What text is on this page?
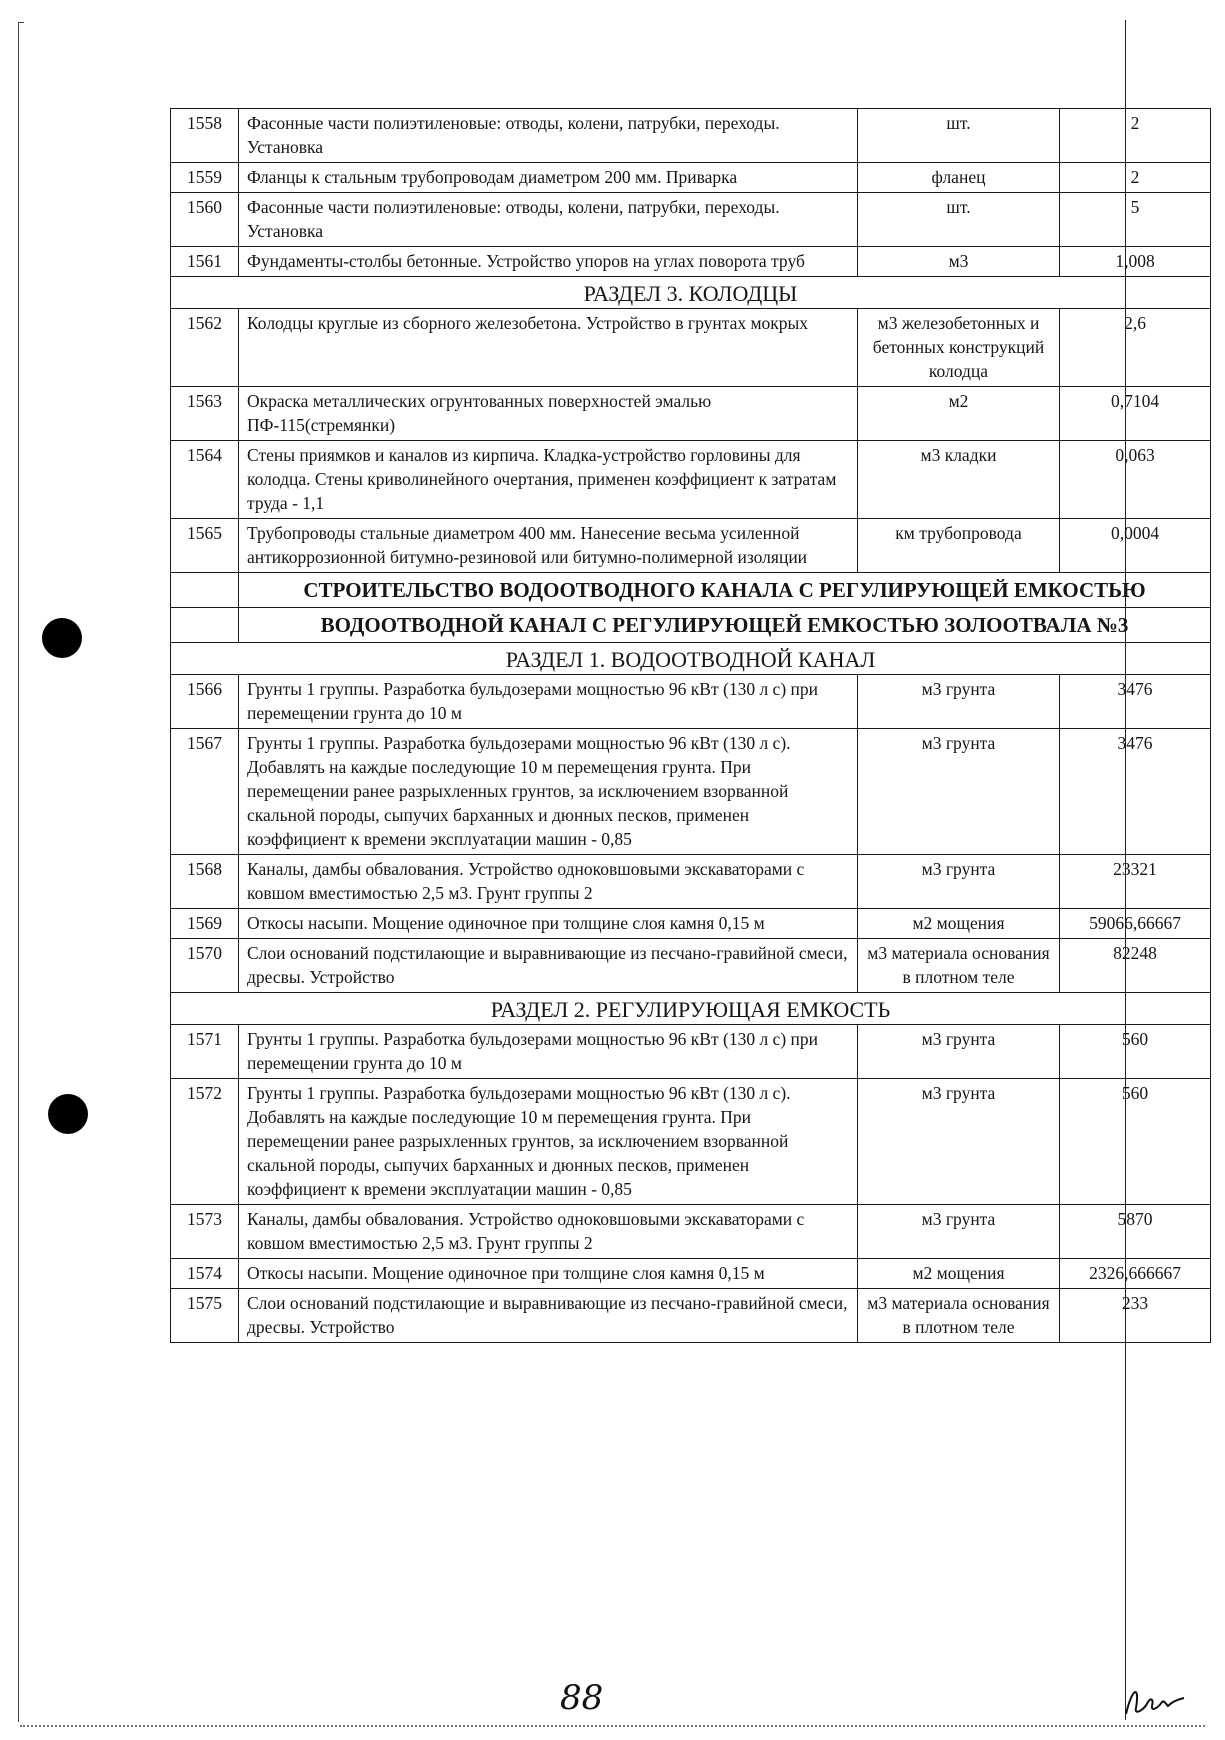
1558	Фасонные части полиэтиленовые: отводы, колени, патрубки, переходы. Установка	шт.	2
1559	Фланцы к стальным трубопроводам диаметром 200 мм. Приварка	фланец	2
1560	Фасонные части полиэтиленовые: отводы, колени, патрубки, переходы. Установка	шт.	5
1561	Фундаменты-столбы бетонные. Устройство упоров на углах поворота труб	м3	1,008
РАЗДЕЛ 3. КОЛОДЦЫ			
1562	Колодцы круглые из сборного железобетона. Устройство в грунтах мокрых	м3 железобетонных и бетонных конструкций колодца	2,6
1563	Окраска металлических огрунтованных поверхностей эмалью ПФ-115(стремянки)	м2	0,7104
1564	Стены приямков и каналов из кирпича. Кладка-устройство горловины для колодца. Стены криволинейного очертания, применен коэффициент к затратам труда - 1,1	м3 кладки	0,063
1565	Трубопроводы стальные диаметром 400 мм. Нанесение весьма усиленной антикоррозионной битумно-резиновой или битумно-полимерной изоляции	км трубопровода	0,0004
	СТРОИТЕЛЬСТВО ВОДООТВОДНОГО КАНАЛА С РЕГУЛИРУЮЩЕЙ ЕМКОСТЬЮ		
	ВОДООТВОДНОЙ КАНАЛ С РЕГУЛИРУЮЩЕЙ ЕМКОСТЬЮ ЗОЛООТВАЛА №3		
РАЗДЕЛ 1. ВОДООТВОДНОЙ КАНАЛ			
1566	Грунты 1 группы. Разработка бульдозерами мощностью 96 кВт (130 л с) при перемещении грунта до 10 м	м3 грунта	3476
1567	Грунты 1 группы. Разработка бульдозерами мощностью 96 кВт (130 л с). Добавлять на каждые последующие 10 м перемещения грунта. При перемещении ранее разрыхленных грунтов, за исключением взорванной скальной породы, сыпучих барханных и дюнных песков, применен коэффициент к времени эксплуатации машин - 0,85	м3 грунта	3476
1568	Каналы, дамбы обвалования. Устройство одноковшовыми экскаваторами с ковшом вместимостью 2,5 м3. Грунт группы 2	м3 грунта	23321
1569	Откосы насыпи. Мощение одиночное при толщине слоя камня 0,15 м	м2 мощения	59066,66667
1570	Слои оснований подстилающие и выравнивающие из песчано-гравийной смеси, дресвы. Устройство	м3 материала основания в плотном теле	82248
РАЗДЕЛ 2. РЕГУЛИРУЮЩАЯ ЕМКОСТЬ			
1571	Грунты 1 группы. Разработка бульдозерами мощностью 96 кВт (130 л с) при перемещении грунта до 10 м	м3 грунта	560
1572	Грунты 1 группы. Разработка бульдозерами мощностью 96 кВт (130 л с). Добавлять на каждые последующие 10 м перемещения грунта. При перемещении ранее разрыхленных грунтов, за исключением взорванной скальной породы, сыпучих барханных и дюнных песков, применен коэффициент к времени эксплуатации машин - 0,85	м3 грунта	560
1573	Каналы, дамбы обвалования. Устройство одноковшовыми экскаваторами с ковшом вместимостью 2,5 м3. Грунт группы 2	м3 грунта	5870
1574	Откосы насыпи. Мощение одиночное при толщине слоя камня 0,15 м	м2 мощения	2326,666667
1575	Слои оснований подстилающие и выравнивающие из песчано-гравийной смеси, дресвы. Устройство	м3 материала основания в плотном теле	233
88
